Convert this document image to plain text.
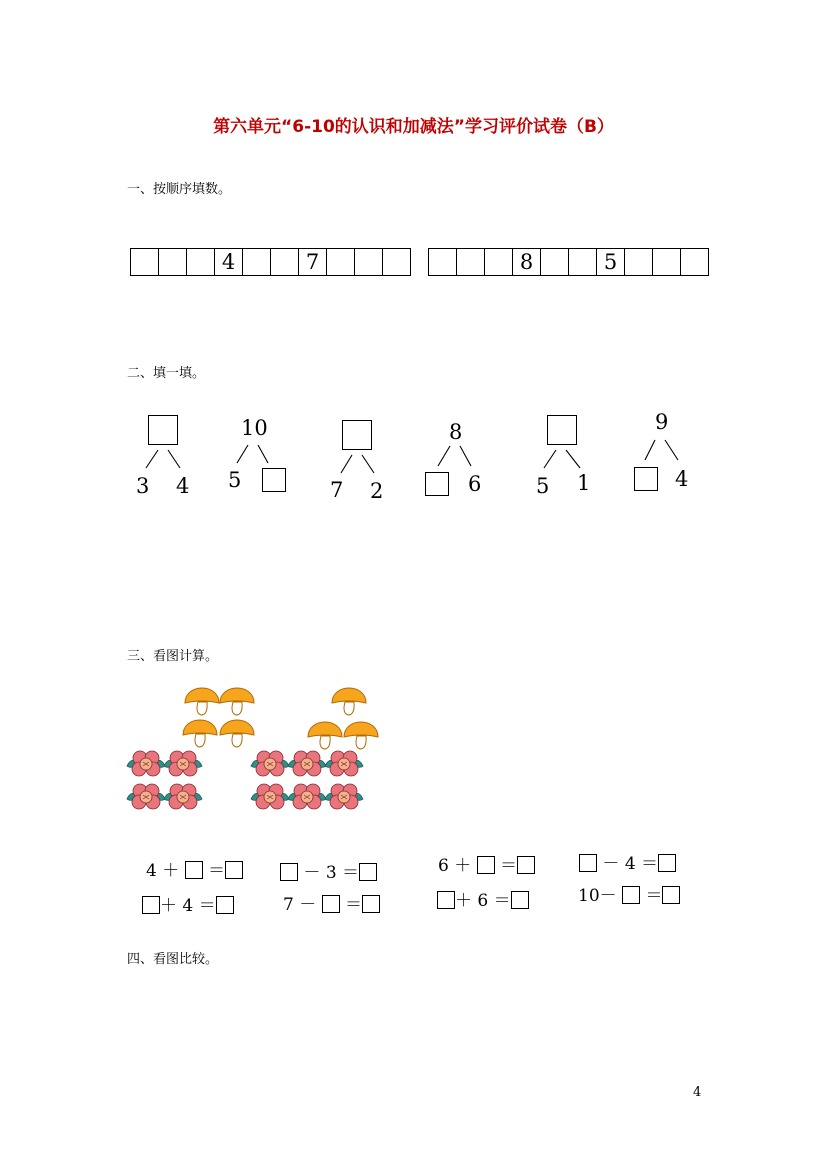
第六单元“6-10的认识和加减法”学习评价试卷（B）
一、按顺序填数。
4	7	8	5
二、填一填。
3 4
10
5	7 2
8
6	5 1
9
4
三、看图计算。
4 ＋ ＝	－ 3 ＝	6 ＋ ＝	－ 4 ＝
＋ 4 ＝	7 － ＝	＋ 6 ＝	10－ ＝
四、看图比较。
4
